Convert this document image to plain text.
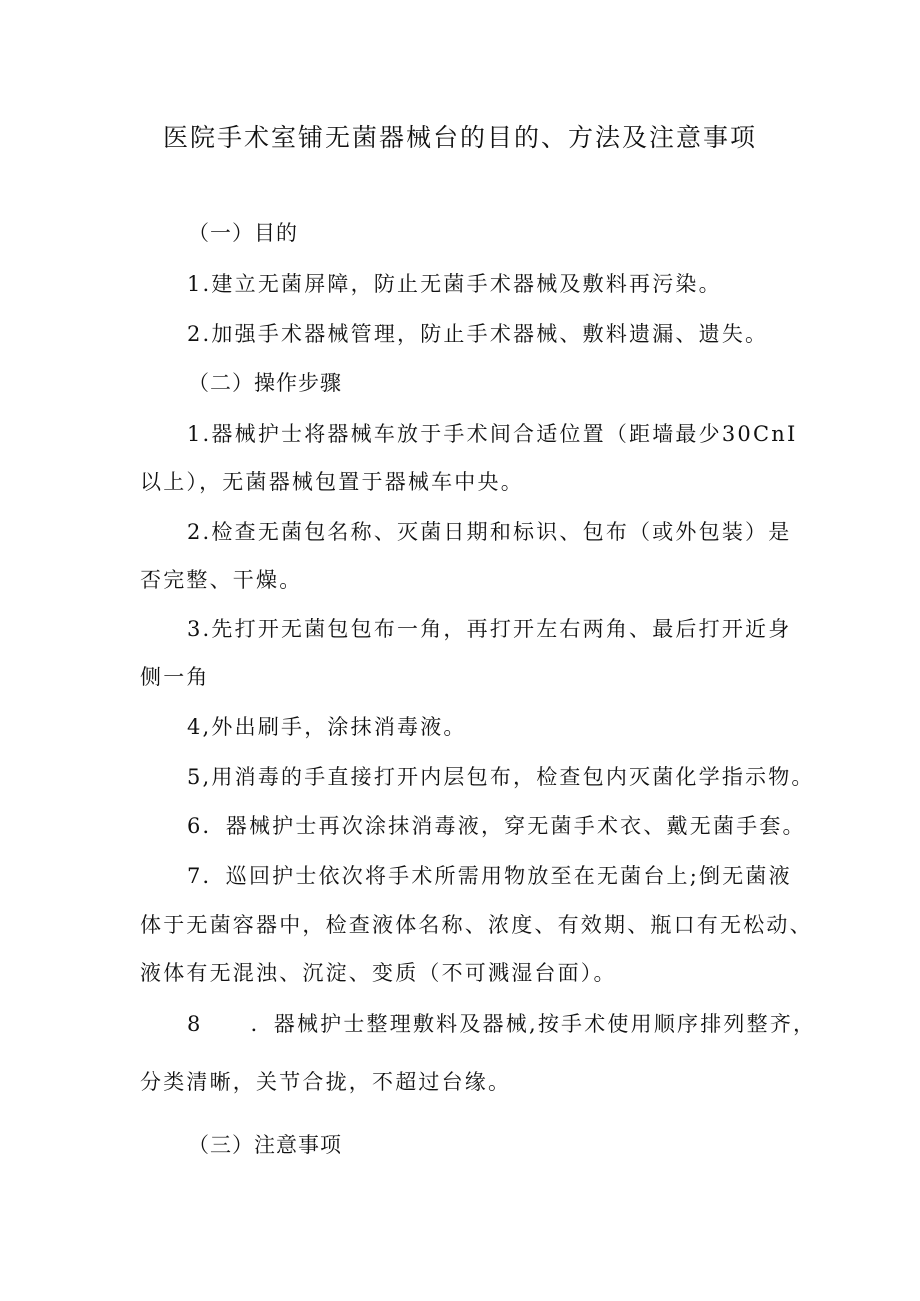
医院手术室铺无菌器械台的目的、方法及注意事项
（一）目的
1.建立无菌屏障，防止无菌手术器械及敷料再污染。
2.加强手术器械管理，防止手术器械、敷料遗漏、遗失。
（二）操作步骤
1.器械护士将器械车放于手术间合适位置（距墙最少30CnI
以上），无菌器械包置于器械车中央。
2.检查无菌包名称、灭菌日期和标识、包布（或外包装）是
否完整、干燥。
3.先打开无菌包包布一角，再打开左右两角、最后打开近身
侧一角
4,外出刷手，涂抹消毒液。
5,用消毒的手直接打开内层包布，检查包内灭菌化学指示物。
6．器械护士再次涂抹消毒液，穿无菌手术衣、戴无菌手套。
7．巡回护士依次将手术所需用物放至在无菌台上;倒无菌液
体于无菌容器中，检查液体名称、浓度、有效期、瓶口有无松动、
液体有无混浊、沉淀、变质（不可溅湿台面）。
8 ．器械护士整理敷料及器械,按手术使用顺序排列整齐，
分类清晰，关节合拢，不超过台缘。
（三）注意事项
